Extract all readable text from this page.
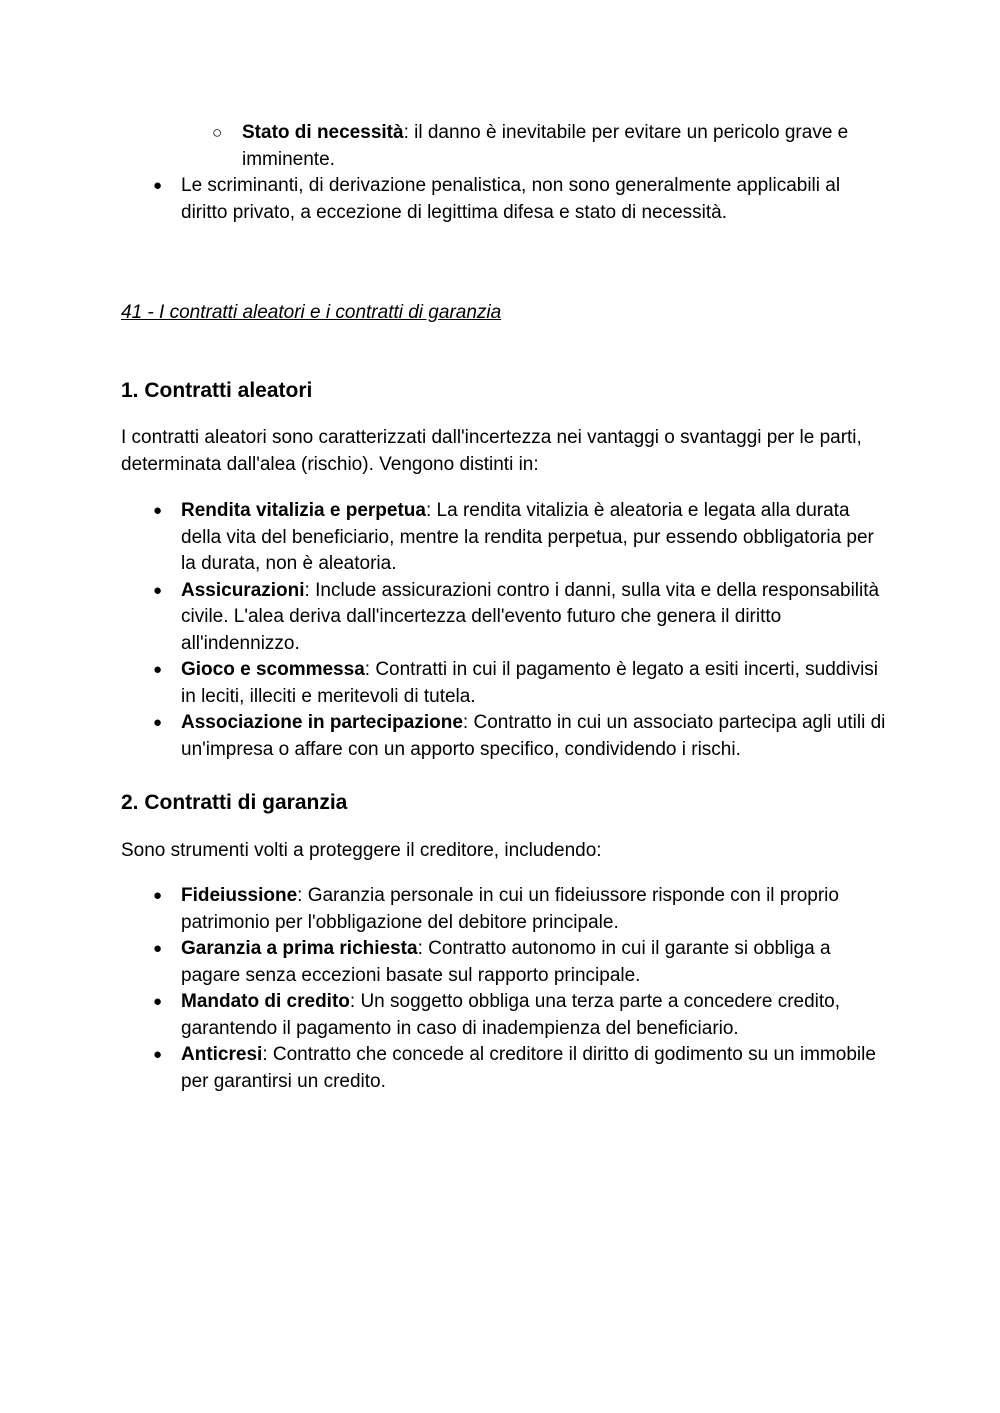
○ Stato di necessità: il danno è inevitabile per evitare un pericolo grave e imminente.
● Le scriminanti, di derivazione penalistica, non sono generalmente applicabili al diritto privato, a eccezione di legittima difesa e stato di necessità.
41 - I contratti aleatori e i contratti di garanzia
1. Contratti aleatori

I contratti aleatori sono caratterizzati dall'incertezza nei vantaggi o svantaggi per le parti, determinata dall'alea (rischio). Vengono distinti in:

● Rendita vitalizia e perpetua: La rendita vitalizia è aleatoria e legata alla durata della vita del beneficiario, mentre la rendita perpetua, pur essendo obbligatoria per la durata, non è aleatoria.
● Assicurazioni: Include assicurazioni contro i danni, sulla vita e della responsabilità civile. L'alea deriva dall'incertezza dell'evento futuro che genera il diritto all'indennizzo.
● Gioco e scommessa: Contratti in cui il pagamento è legato a esiti incerti, suddivisi in leciti, illeciti e meritevoli di tutela.
● Associazione in partecipazione: Contratto in cui un associato partecipa agli utili di un'impresa o affare con un apporto specifico, condividendo i rischi.
2. Contratti di garanzia

Sono strumenti volti a proteggere il creditore, includendo:

● Fideiussione: Garanzia personale in cui un fideiussore risponde con il proprio patrimonio per l'obbligazione del debitore principale.
● Garanzia a prima richiesta: Contratto autonomo in cui il garante si obbliga a pagare senza eccezioni basate sul rapporto principale.
● Mandato di credito: Un soggetto obbliga una terza parte a concedere credito, garantendo il pagamento in caso di inadempienza del beneficiario.
● Anticresi: Contratto che concede al creditore il diritto di godimento su un immobile per garantirsi un credito.
